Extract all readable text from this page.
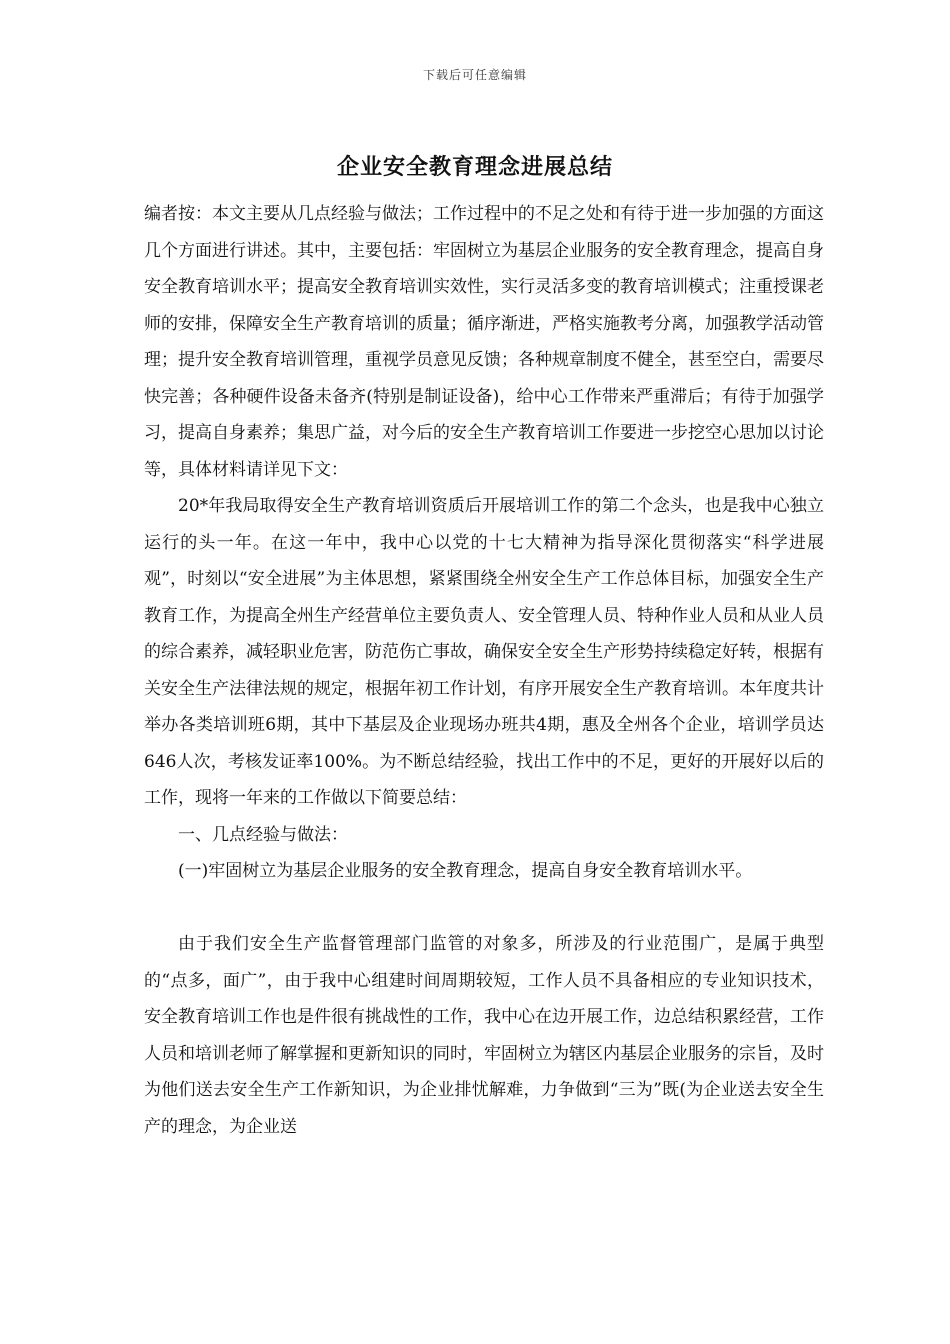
下载后可任意编辑
企业安全教育理念进展总结

编者按：本文主要从几点经验与做法；工作过程中的不足之处和有待于进一步加强的方面这几个方面进行讲述。其中，主要包括：牢固树立为基层企业服务的安全教育理念，提高自身安全教育培训水平；提高安全教育培训实效性，实行灵活多变的教育培训模式；注重授课老师的安排，保障安全生产教育培训的质量；循序渐进，严格实施教考分离，加强教学活动管理；提升安全教育培训管理，重视学员意见反馈；各种规章制度不健全，甚至空白，需要尽快完善；各种硬件设备未备齐(特别是制证设备)，给中心工作带来严重滞后；有待于加强学习，提高自身素养；集思广益，对今后的安全生产教育培训工作要进一步挖空心思加以讨论等，具体材料请详见下文：

20*年我局取得安全生产教育培训资质后开展培训工作的第二个念头，也是我中心独立运行的头一年。在这一年中，我中心以党的十七大精神为指导深化贯彻落实“科学进展观”，时刻以“安全进展”为主体思想，紧紧围绕全州安全生产工作总体目标，加强安全生产教育工作，为提高全州生产经营单位主要负责人、安全管理人员、特种作业人员和从业人员的综合素养，减轻职业危害，防范伤亡事故，确保安全安全生产形势持续稳定好转，根据有关安全生产法律法规的规定，根据年初工作计划，有序开展安全生产教育培训。本年度共计举办各类培训班6期，其中下基层及企业现场办班共4期，惠及全州各个企业，培训学员达646人次，考核发证率100%。为不断总结经验，找出工作中的不足，更好的开展好以后的工作，现将一年来的工作做以下简要总结：

一、几点经验与做法：

(一)牢固树立为基层企业服务的安全教育理念，提高自身安全教育培训水平。

由于我们安全生产监督管理部门监管的对象多，所涉及的行业范围广，是属于典型的“点多，面广”，由于我中心组建时间周期较短，工作人员不具备相应的专业知识技术，安全教育培训工作也是件很有挑战性的工作，我中心在边开展工作，边总结积累经营，工作人员和培训老师了解掌握和更新知识的同时，牢固树立为辖区内基层企业服务的宗旨，及时为他们送去安全生产工作新知识，为企业排忧解难，力争做到“三为”既(为企业送去安全生产的理念，为企业送
